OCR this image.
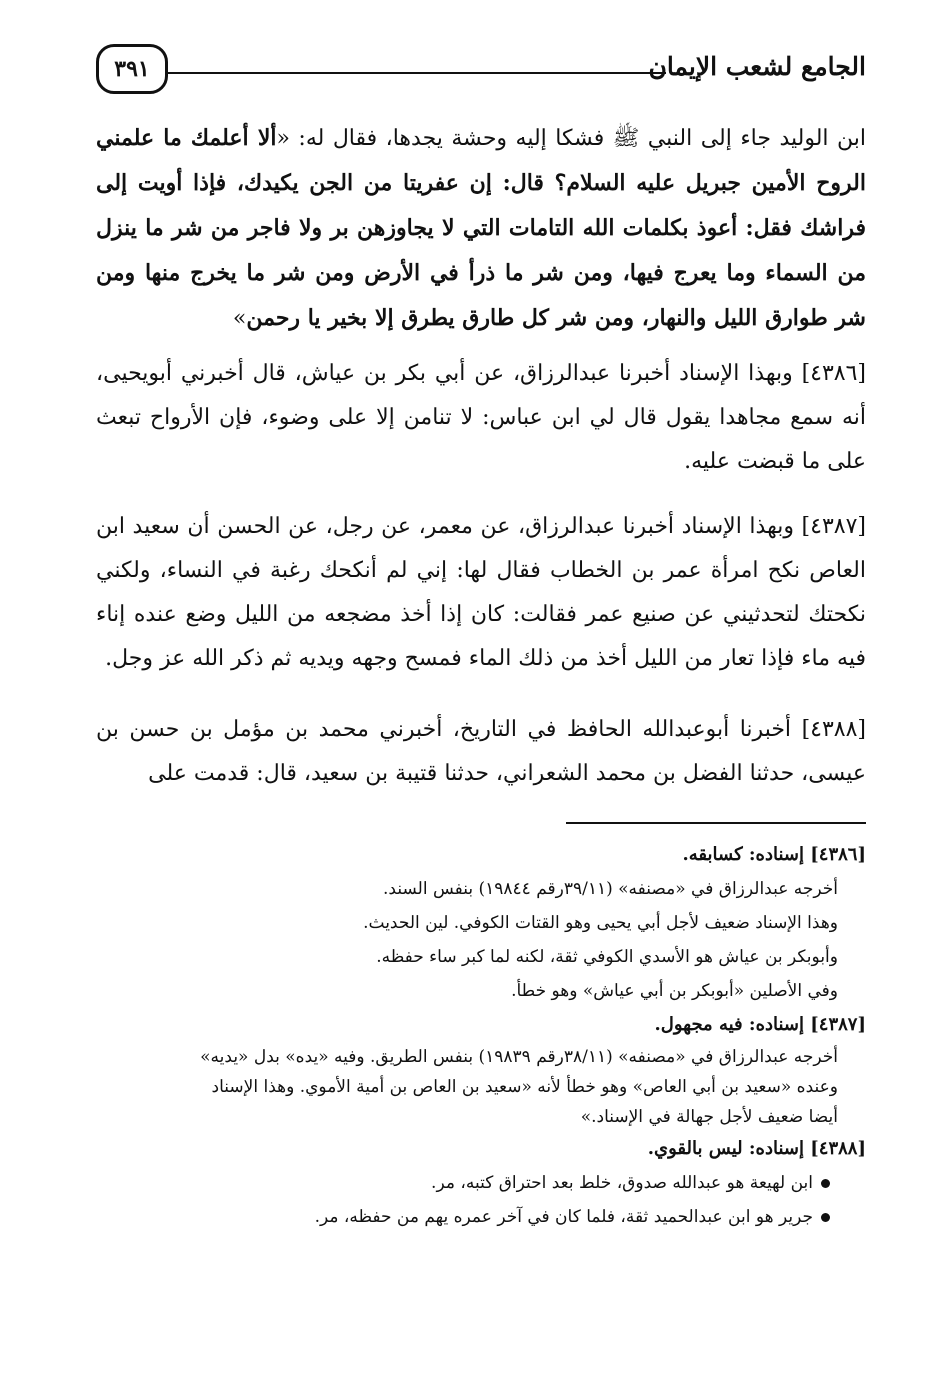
الجامع لشعب الإيمان
٣٩١

ابن الوليد جاء إلى النبي ﷺ فشكا إليه وحشة يجدها، فقال له: «ألا أعلمك ما علمني الروح الأمين جبريل عليه السلام؟ قال: إن عفريتا من الجن يكيدك، فإذا أويت إلى فراشك فقل: أعوذ بكلمات الله التامات التي لا يجاوزهن بر ولا فاجر من شر ما ينزل من السماء وما يعرج فيها، ومن شر ما ذرأ في الأرض ومن شر ما يخرج منها ومن شر طوارق الليل والنهار، ومن شر كل طارق يطرق إلا بخير يا رحمن»

[٤٣٨٦] وبهذا الإسناد أخبرنا عبدالرزاق، عن أبي بكر بن عياش، قال أخبرني أبويحيى، أنه سمع مجاهدا يقول قال لي ابن عباس: لا تنامن إلا على وضوء، فإن الأرواح تبعث على ما قبضت عليه.

[٤٣٨٧] وبهذا الإسناد أخبرنا عبدالرزاق، عن معمر، عن رجل، عن الحسن أن سعيد ابن العاص نكح امرأة عمر بن الخطاب فقال لها: إني لم أنكحك رغبة في النساء، ولكني نكحتك لتحدثيني عن صنيع عمر فقالت: كان إذا أخذ مضجعه من الليل وضع عنده إناء فيه ماء فإذا تعار من الليل أخذ من ذلك الماء فمسح وجهه ويديه ثم ذكر الله عز وجل.

[٤٣٨٨] أخبرنا أبوعبدالله الحافظ في التاريخ، أخبرني محمد بن مؤمل بن حسن بن عيسى، حدثنا الفضل بن محمد الشعراني، حدثنا قتيبة بن سعيد، قال: قدمت على

[٤٣٨٦] إسناده: كسابقه.

أخرجه عبدالرزاق في «مصنفه» (٣٩/١١رقم ١٩٨٤٤) بنفس السند.

وهذا الإسناد ضعيف لأجل أبي يحيى وهو القتات الكوفي. لين الحديث.

وأبوبكر بن عياش هو الأسدي الكوفي ثقة، لكنه لما كبر ساء حفظه.

وفي الأصلين «أبوبكر بن أبي عياش» وهو خطأ.

[٤٣٨٧] إسناده: فيه مجهول.

أخرجه عبدالرزاق في «مصنفه» (٣٨/١١رقم ١٩٨٣٩) بنفس الطريق. وفيه «يده» بدل «يديه»

وعنده «سعيد بن أبي العاص» وهو خطأ لأنه «سعيد بن العاص بن أمية الأموي. وهذا الإسناد

أيضا ضعيف لأجل جهالة في الإسناد.»

[٤٣٨٨] إسناده: ليس بالقوي.

ابن لهيعة هو عبدالله صدوق، خلط بعد احتراق كتبه، مر.

جرير هو ابن عبدالحميد ثقة، فلما كان في آخر عمره يهم من حفظه، مر.
